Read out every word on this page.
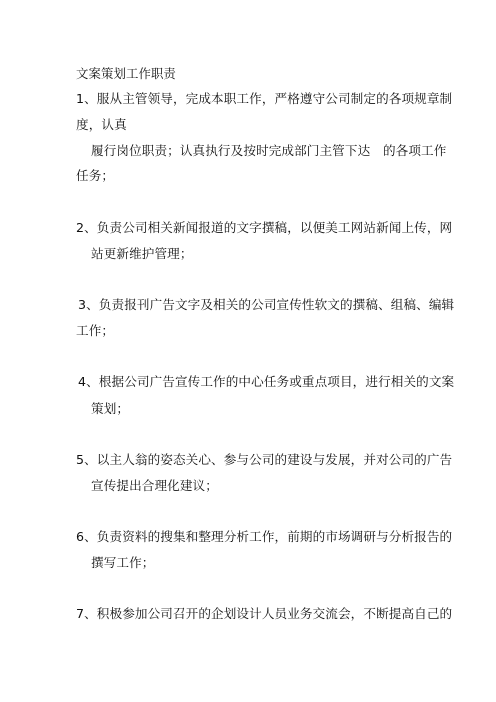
文案策划工作职责
1、服从主管领导，完成本职工作，严格遵守公司制定的各项规章制
度，认真
履行岗位职责；认真执行及按时完成部门主管下达　的各项工作
任务；
2、负责公司相关新闻报道的文字撰稿，以便美工网站新闻上传，网
站更新维护管理；
3、负责报刊广告文字及相关的公司宣传性软文的撰稿、组稿、编辑
工作；
4、根据公司广告宣传工作的中心任务或重点项目，进行相关的文案
策划；
5、以主人翁的姿态关心、参与公司的建设与发展，并对公司的广告
宣传提出合理化建议；
6、负责资料的搜集和整理分析工作，前期的市场调研与分析报告的
撰写工作；
7、积极参加公司召开的企划设计人员业务交流会，不断提高自己的
